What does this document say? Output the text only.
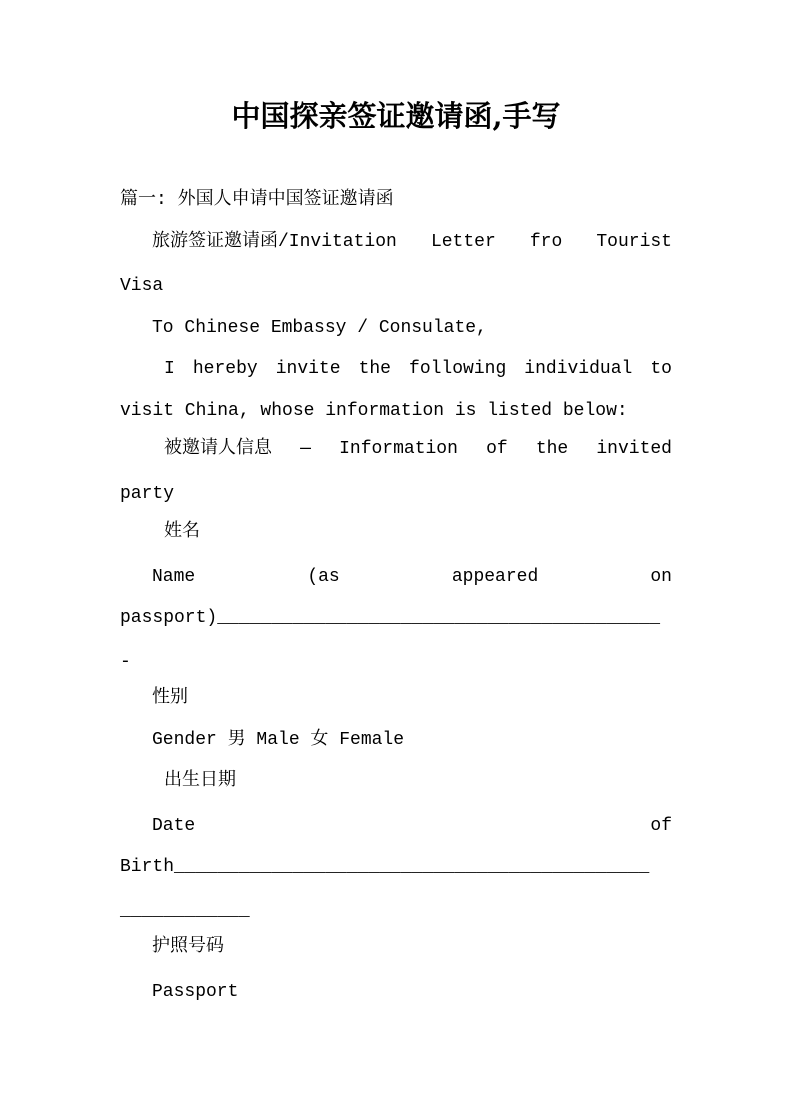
中国探亲签证邀请函,手写
篇一: 外国人申请中国签证邀请函
旅游签证邀请函/Invitation Letter fro Tourist
Visa
To Chinese Embassy / Consulate,
I hereby invite the following individual to
visit China, whose information is listed below:
被邀请人信息 — Information of the invited
party
姓名
Name	(as	appeared	on
passport)_________________________________________
-
性别
Gender 男 Male 女 Female
出生日期
Date	of
Birth____________________________________________
____________
护照号码
Passport
